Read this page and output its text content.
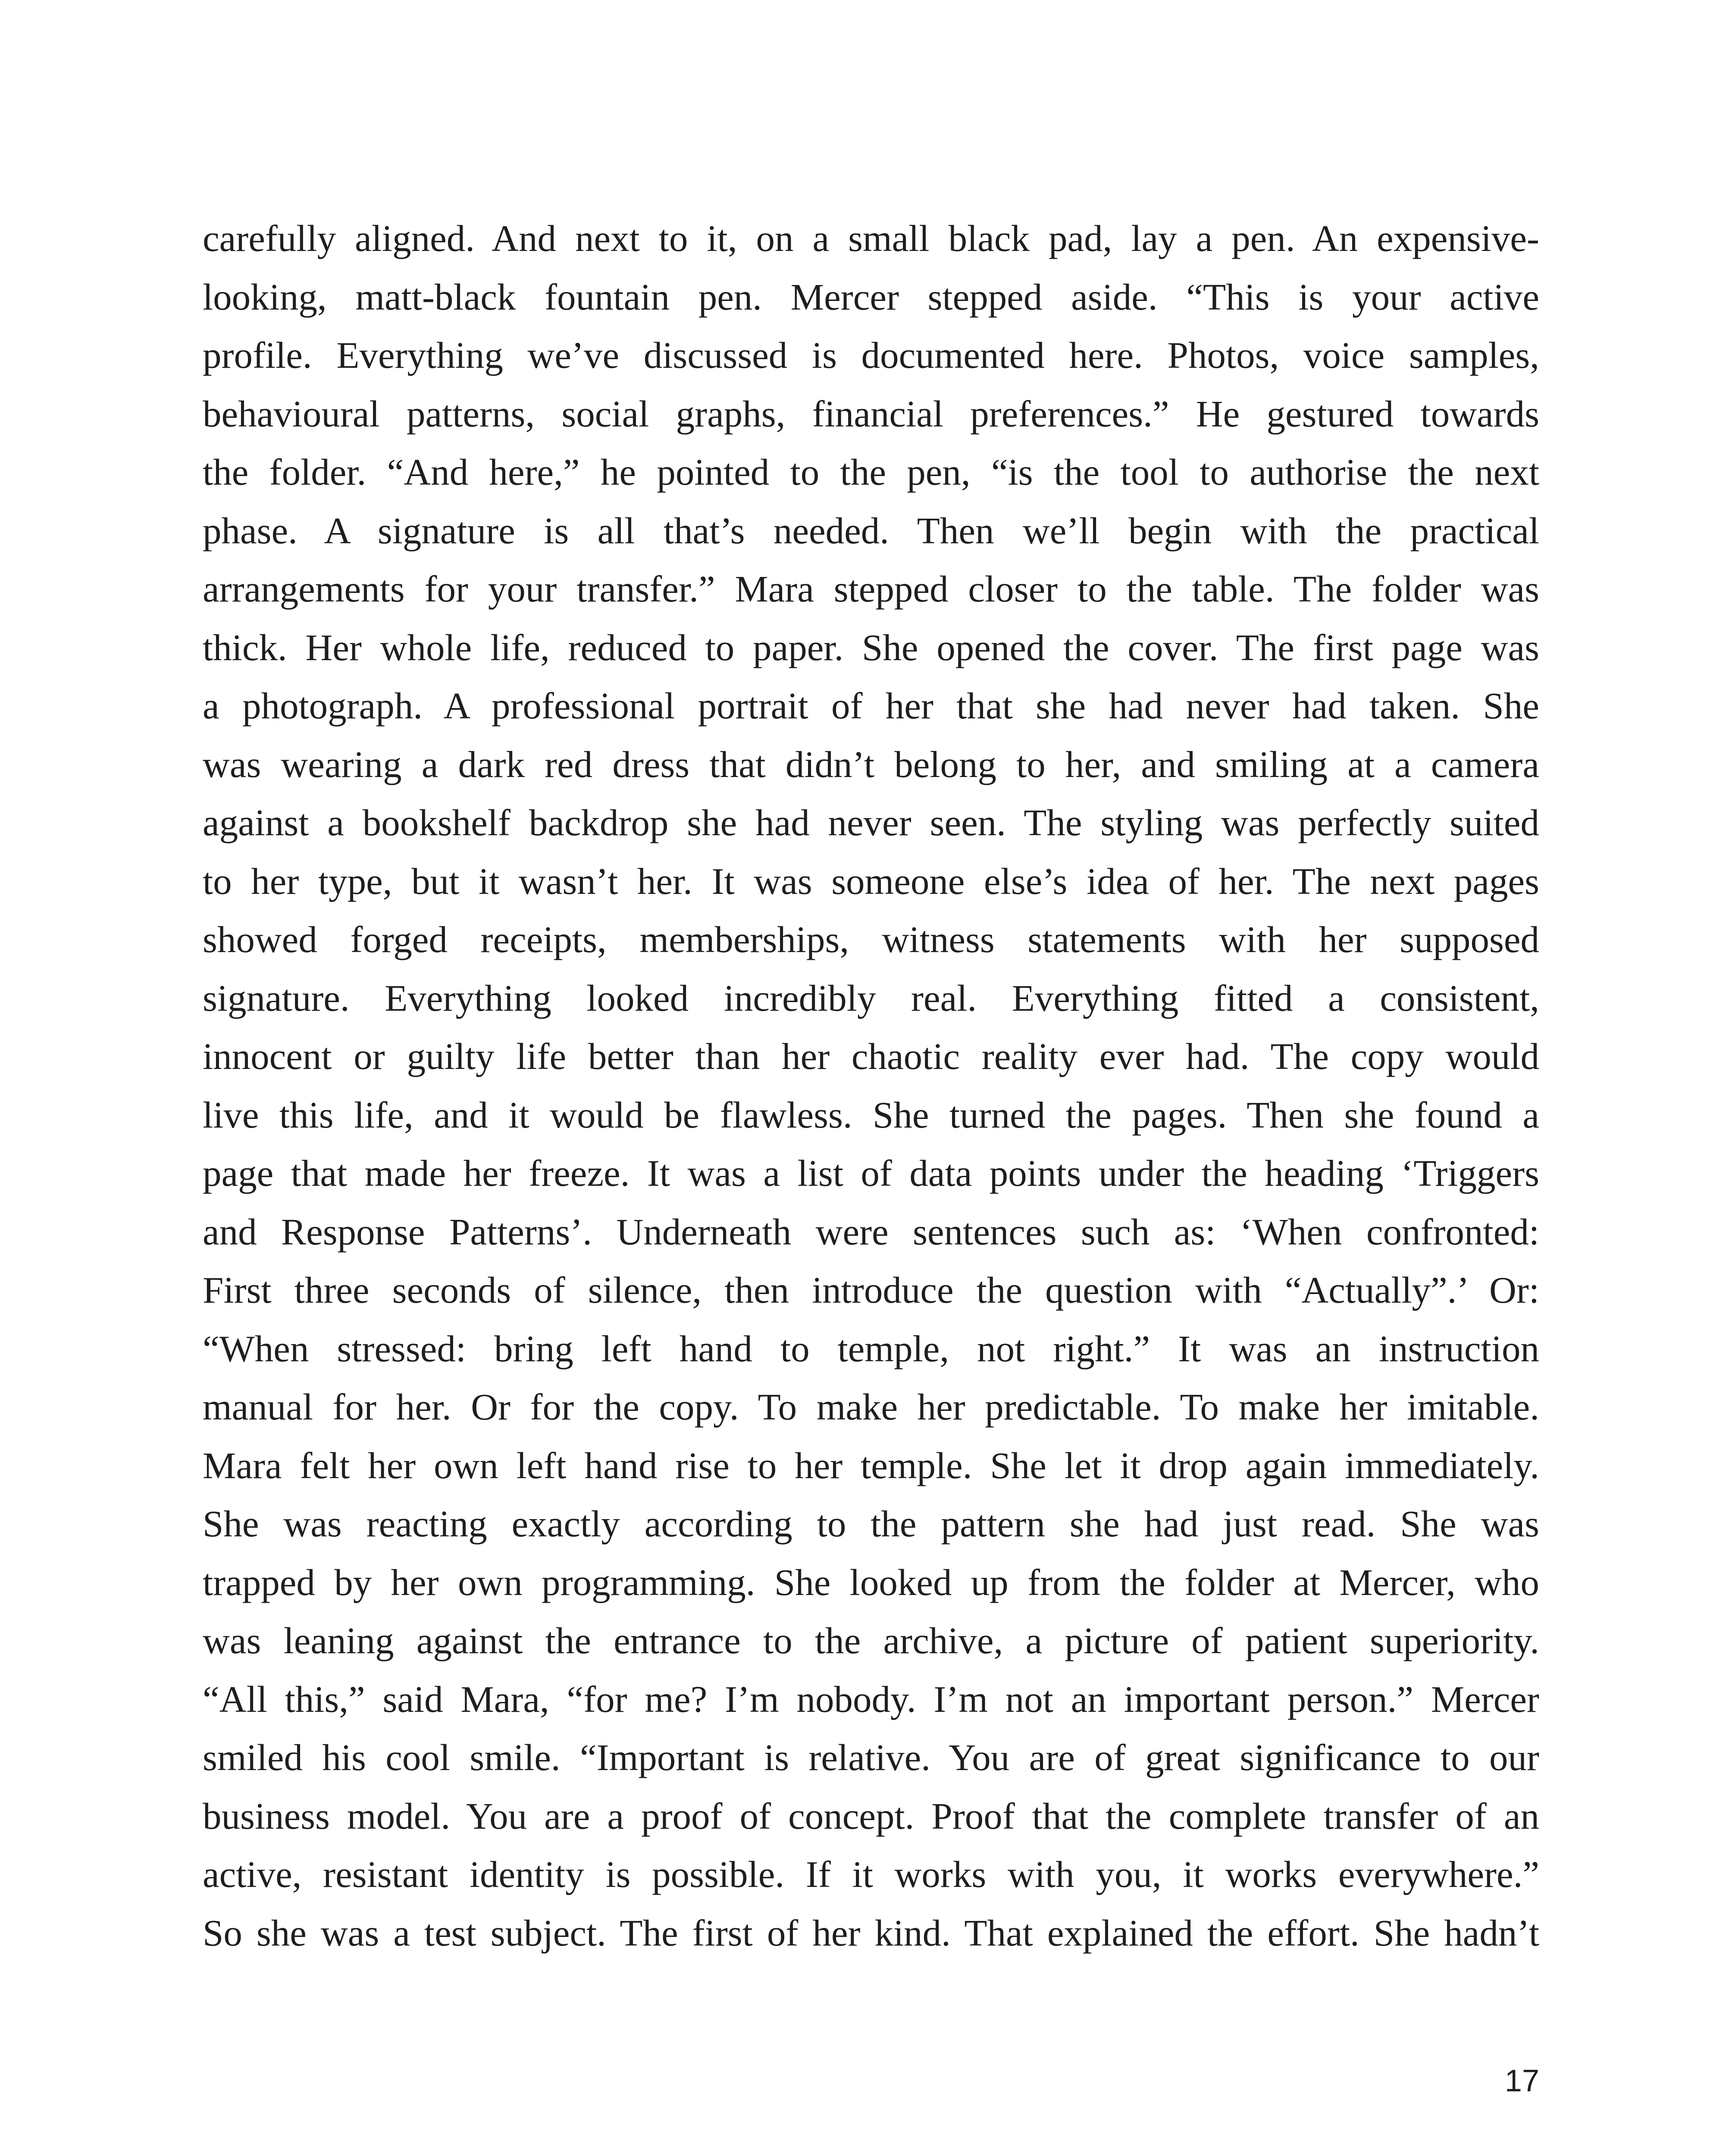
carefully aligned. And next to it, on a small black pad, lay a pen. An expensive-
looking, matt-black fountain pen. Mercer stepped aside. “This is your active
profile. Everything we’ve discussed is documented here. Photos, voice samples,
behavioural patterns, social graphs, financial preferences.” He gestured towards
the folder. “And here,” he pointed to the pen, “is the tool to authorise the next
phase. A signature is all that’s needed. Then we’ll begin with the practical
arrangements for your transfer.” Mara stepped closer to the table. The folder was
thick. Her whole life, reduced to paper. She opened the cover. The first page was
a photograph. A professional portrait of her that she had never had taken. She
was wearing a dark red dress that didn’t belong to her, and smiling at a camera
against a bookshelf backdrop she had never seen. The styling was perfectly suited
to her type, but it wasn’t her. It was someone else’s idea of her. The next pages
showed forged receipts, memberships, witness statements with her supposed
signature. Everything looked incredibly real. Everything fitted a consistent,
innocent or guilty life better than her chaotic reality ever had. The copy would
live this life, and it would be flawless. She turned the pages. Then she found a
page that made her freeze. It was a list of data points under the heading ‘Triggers
and Response Patterns’. Underneath were sentences such as: ‘When confronted:
First three seconds of silence, then introduce the question with “Actually”.’ Or:
“When stressed: bring left hand to temple, not right.” It was an instruction
manual for her. Or for the copy. To make her predictable. To make her imitable.
Mara felt her own left hand rise to her temple. She let it drop again immediately.
She was reacting exactly according to the pattern she had just read. She was
trapped by her own programming. She looked up from the folder at Mercer, who
was leaning against the entrance to the archive, a picture of patient superiority.
“All this,” said Mara, “for me? I’m nobody. I’m not an important person.” Mercer
smiled his cool smile. “Important is relative. You are of great significance to our
business model. You are a proof of concept. Proof that the complete transfer of an
active, resistant identity is possible. If it works with you, it works everywhere.”
So she was a test subject. The first of her kind. That explained the effort. She hadn’t
17
